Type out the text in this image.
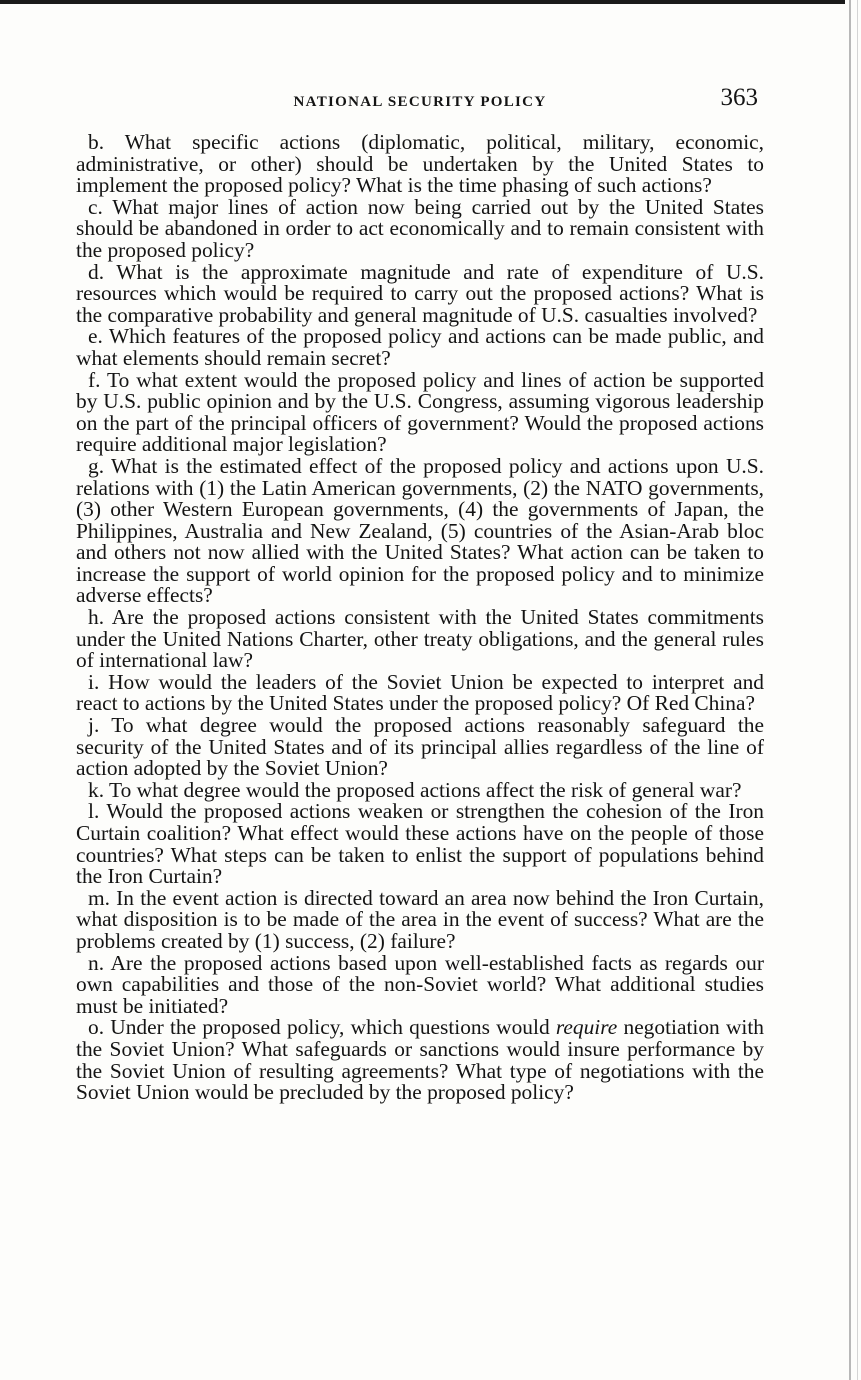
NATIONAL SECURITY POLICY	363

b. What specific actions (diplomatic, political, military, economic, administrative, or other) should be undertaken by the United States to implement the proposed policy? What is the time phasing of such actions?

c. What major lines of action now being carried out by the United States should be abandoned in order to act economically and to remain consistent with the proposed policy?

d. What is the approximate magnitude and rate of expenditure of U.S. resources which would be required to carry out the proposed actions? What is the comparative probability and general magnitude of U.S. casualties involved?

e. Which features of the proposed policy and actions can be made public, and what elements should remain secret?

f. To what extent would the proposed policy and lines of action be supported by U.S. public opinion and by the U.S. Congress, assuming vigorous leadership on the part of the principal officers of government? Would the proposed actions require additional major legislation?

g. What is the estimated effect of the proposed policy and actions upon U.S. relations with (1) the Latin American governments, (2) the NATO governments, (3) other Western European governments, (4) the governments of Japan, the Philippines, Australia and New Zealand, (5) countries of the Asian-Arab bloc and others not now allied with the United States? What action can be taken to increase the support of world opinion for the proposed policy and to minimize adverse effects?

h. Are the proposed actions consistent with the United States commitments under the United Nations Charter, other treaty obligations, and the general rules of international law?

i. How would the leaders of the Soviet Union be expected to interpret and react to actions by the United States under the proposed policy? Of Red China?

j. To what degree would the proposed actions reasonably safeguard the security of the United States and of its principal allies regardless of the line of action adopted by the Soviet Union?

k. To what degree would the proposed actions affect the risk of general war?

l. Would the proposed actions weaken or strengthen the cohesion of the Iron Curtain coalition? What effect would these actions have on the people of those countries? What steps can be taken to enlist the support of populations behind the Iron Curtain?

m. In the event action is directed toward an area now behind the Iron Curtain, what disposition is to be made of the area in the event of success? What are the problems created by (1) success, (2) failure?

n. Are the proposed actions based upon well-established facts as regards our own capabilities and those of the non-Soviet world? What additional studies must be initiated?

o. Under the proposed policy, which questions would require negotiation with the Soviet Union? What safeguards or sanctions would insure performance by the Soviet Union of resulting agreements? What type of negotiations with the Soviet Union would be precluded by the proposed policy?
